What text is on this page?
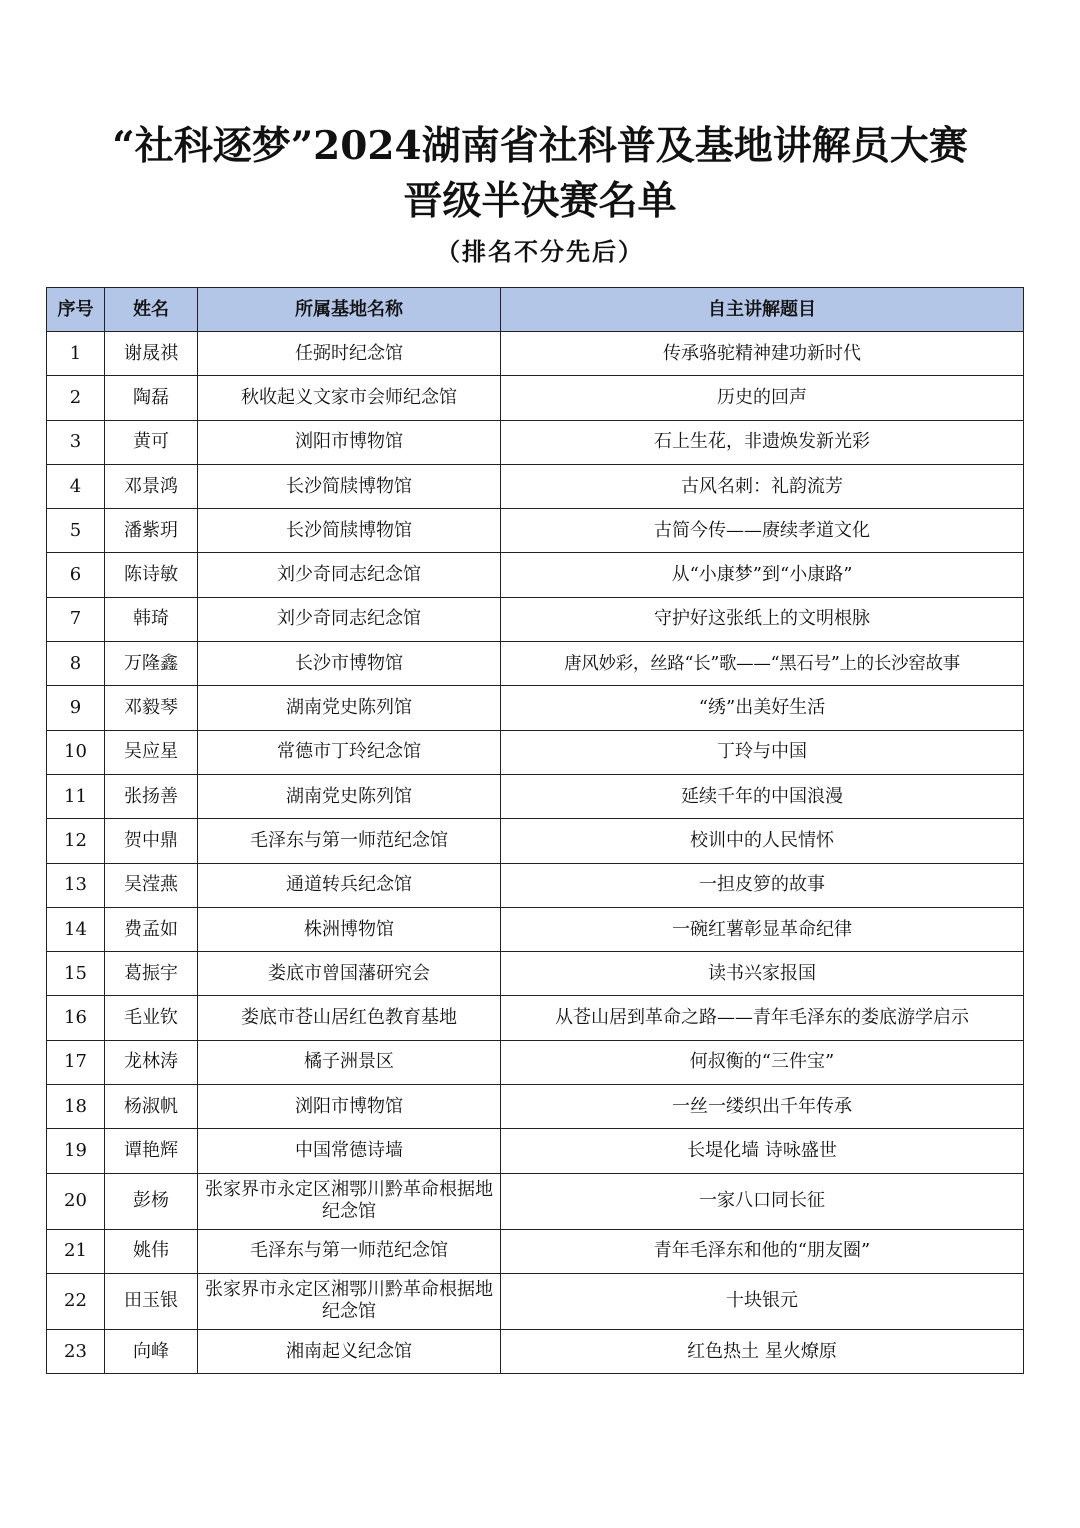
“社科逐梦”2024湖南省社科普及基地讲解员大赛
晋级半决赛名单
（排名不分先后）
序号	姓名	所属基地名称	自主讲解题目
1	谢晟祺	任弼时纪念馆	传承骆驼精神建功新时代
2	陶磊	秋收起义文家市会师纪念馆	历史的回声
3	黄可	浏阳市博物馆	石上生花，非遗焕发新光彩
4	邓景鸿	长沙简牍博物馆	古风名刺：礼韵流芳
5	潘紫玥	长沙简牍博物馆	古简今传——赓续孝道文化
6	陈诗敏	刘少奇同志纪念馆	从“小康梦”到“小康路”
7	韩琦	刘少奇同志纪念馆	守护好这张纸上的文明根脉
8	万隆鑫	长沙市博物馆	唐风妙彩，丝路“长”歌——“黑石号”上的长沙窑故事
9	邓毅琴	湖南党史陈列馆	“绣”出美好生活
10	吴应星	常德市丁玲纪念馆	丁玲与中国
11	张扬善	湖南党史陈列馆	延续千年的中国浪漫
12	贺中鼎	毛泽东与第一师范纪念馆	校训中的人民情怀
13	吴滢燕	通道转兵纪念馆	一担皮箩的故事
14	费孟如	株洲博物馆	一碗红薯彰显革命纪律
15	葛振宇	娄底市曾国藩研究会	读书兴家报国
16	毛业钦	娄底市苍山居红色教育基地	从苍山居到革命之路——青年毛泽东的娄底游学启示
17	龙林涛	橘子洲景区	何叔衡的“三件宝”
18	杨淑帆	浏阳市博物馆	一丝一缕织出千年传承
19	谭艳辉	中国常德诗墙	长堤化墙 诗咏盛世
20	彭杨	张家界市永定区湘鄂川黔革命根据地纪念馆	一家八口同长征
21	姚伟	毛泽东与第一师范纪念馆	青年毛泽东和他的“朋友圈”
22	田玉银	张家界市永定区湘鄂川黔革命根据地纪念馆	十块银元
23	向峰	湘南起义纪念馆	红色热土 星火燎原
